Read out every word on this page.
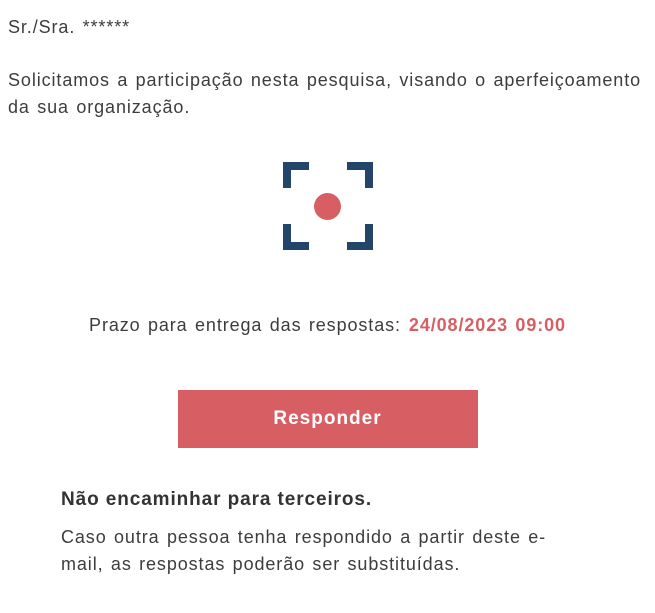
Sr./Sra. ******

Solicitamos a participação nesta pesquisa, visando o aperfeiçoamento da sua organização.

Prazo para entrega das respostas: 24/08/2023 09:00

Responder

Não encaminhar para terceiros.

Caso outra pessoa tenha respondido a partir deste e-mail, as respostas poderão ser substituídas.
